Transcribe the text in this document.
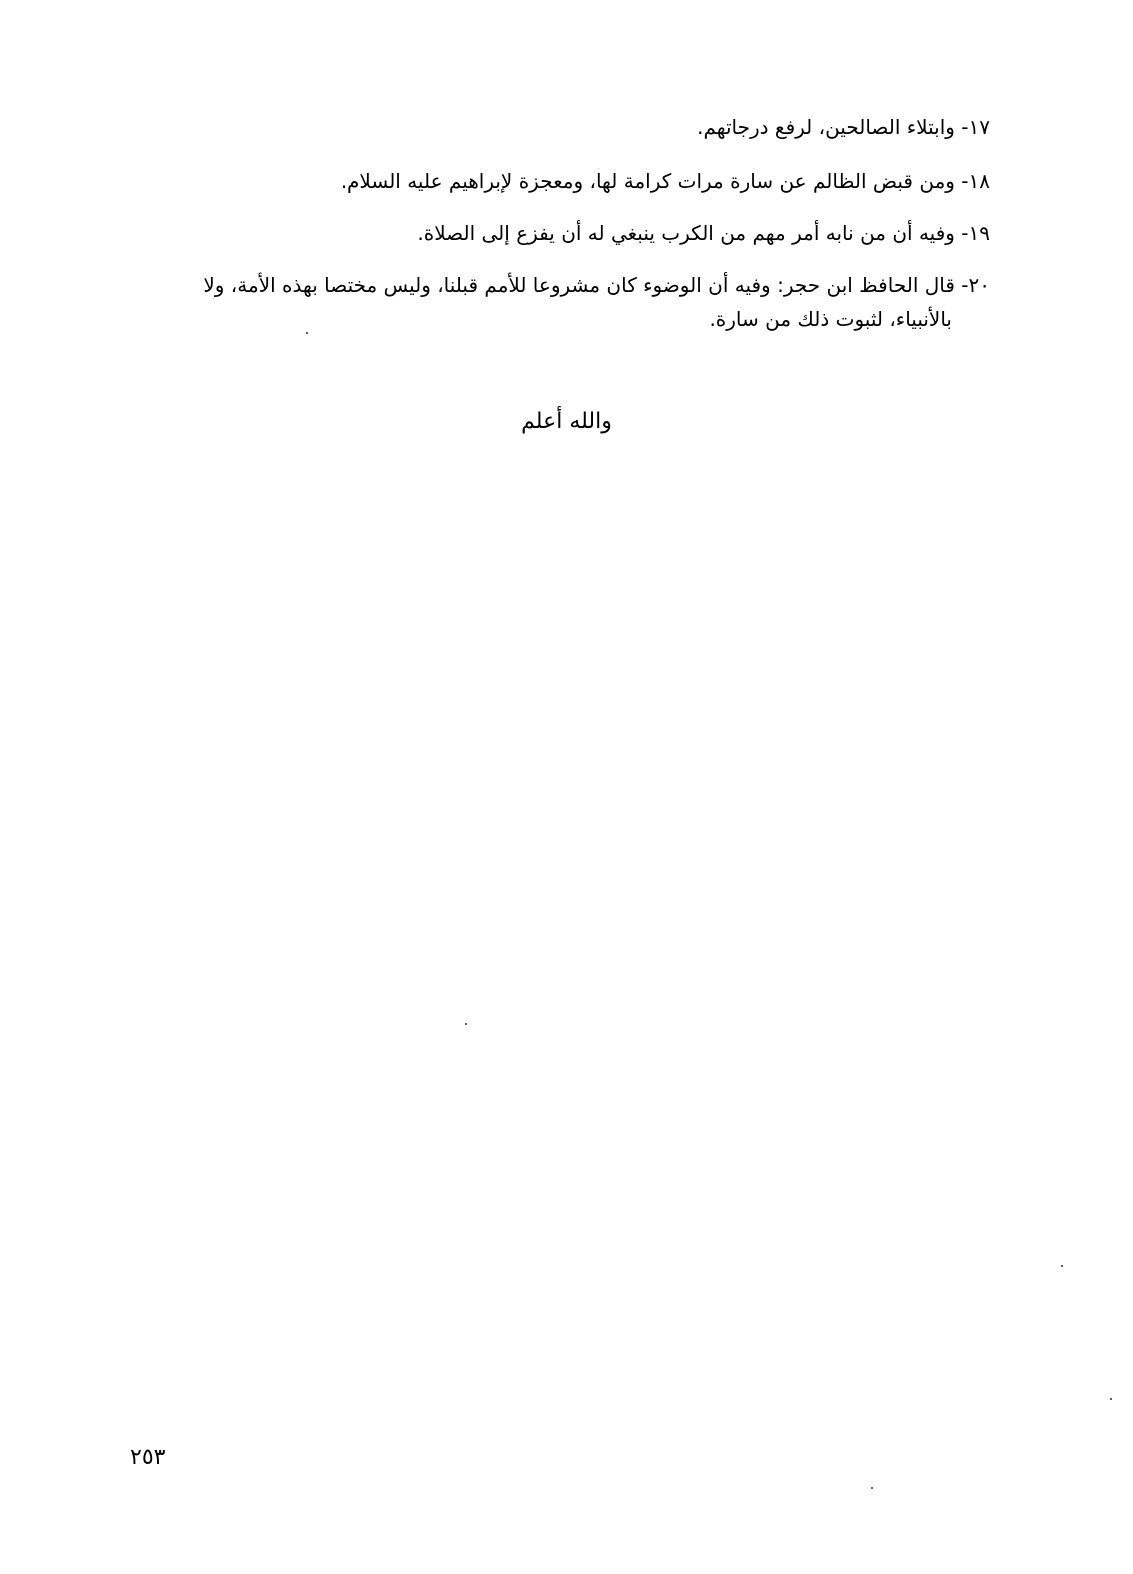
١٧- وابتلاء الصالحين، لرفع درجاتهم.
١٨- ومن قبض الظالم عن سارة مرات كرامة لها، ومعجزة لإبراهيم عليه السلام.
١٩- وفيه أن من نابه أمر مهم من الكرب ينبغي له أن يفزع إلى الصلاة.
٢٠- قال الحافظ ابن حجر: وفيه أن الوضوء كان مشروعا للأمم قبلنا، وليس مختصا بهذه الأمة، ولا
بالأنبياء، لثبوت ذلك من سارة.
والله أعلم
٢٥٣
